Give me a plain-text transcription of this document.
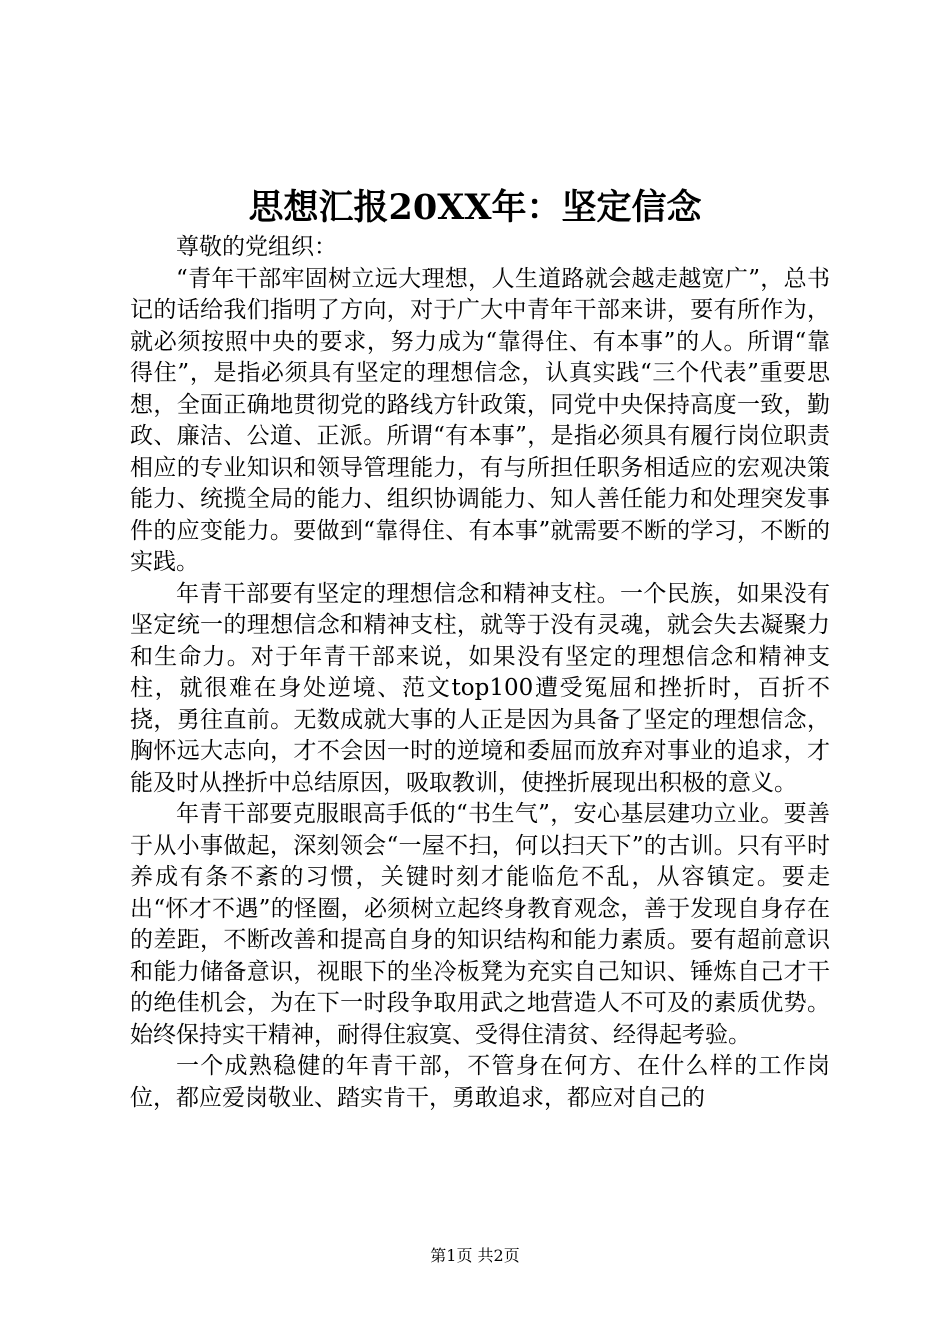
思想汇报20XX年：坚定信念

尊敬的党组织：

“青年干部牢固树立远大理想，人生道路就会越走越宽广”，总书记的话给我们指明了方向，对于广大中青年干部来讲，要有所作为，就必须按照中央的要求，努力成为“靠得住、有本事”的人。所谓“靠得住”，是指必须具有坚定的理想信念，认真实践“三个代表”重要思想，全面正确地贯彻党的路线方针政策，同党中央保持高度一致，勤政、廉洁、公道、正派。所谓“有本事”，是指必须具有履行岗位职责相应的专业知识和领导管理能力，有与所担任职务相适应的宏观决策能力、统揽全局的能力、组织协调能力、知人善任能力和处理突发事件的应变能力。要做到“靠得住、有本事”就需要不断的学习，不断的实践。

年青干部要有坚定的理想信念和精神支柱。一个民族，如果没有坚定统一的理想信念和精神支柱，就等于没有灵魂，就会失去凝聚力和生命力。对于年青干部来说，如果没有坚定的理想信念和精神支柱，就很难在身处逆境、范文top100遭受冤屈和挫折时，百折不挠，勇往直前。无数成就大事的人正是因为具备了坚定的理想信念，胸怀远大志向，才不会因一时的逆境和委屈而放弃对事业的追求，才能及时从挫折中总结原因，吸取教训，使挫折展现出积极的意义。

年青干部要克服眼高手低的“书生气”，安心基层建功立业。要善于从小事做起，深刻领会“一屋不扫，何以扫天下”的古训。只有平时养成有条不紊的习惯，关键时刻才能临危不乱，从容镇定。要走出“怀才不遇”的怪圈，必须树立起终身教育观念，善于发现自身存在的差距，不断改善和提高自身的知识结构和能力素质。要有超前意识和能力储备意识，视眼下的坐冷板凳为充实自己知识、锤炼自己才干的绝佳机会，为在下一时段争取用武之地营造人不可及的素质优势。始终保持实干精神，耐得住寂寞、受得住清贫、经得起考验。

一个成熟稳健的年青干部，不管身在何方、在什么样的工作岗位，都应爱岗敬业、踏实肯干，勇敢追求，都应对自己的

第1页 共2页
